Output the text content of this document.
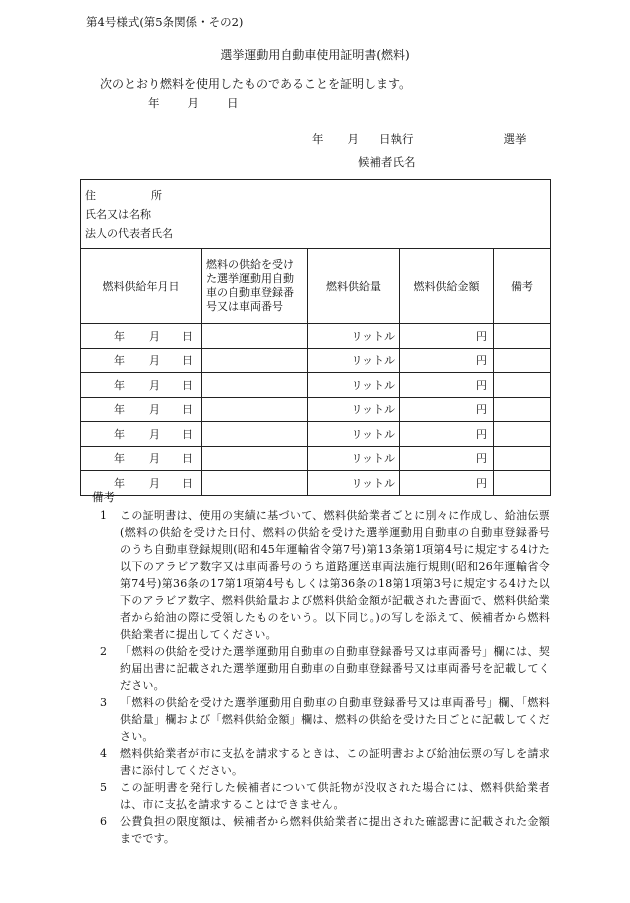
第4号様式(第5条関係・その2)
選挙運動用自動車使用証明書(燃料)
次のとおり燃料を使用したものであることを証明します。
年 月 日
年 月 日執行	選挙
候補者氏名
住　　　　　所
氏名又は名称
法人の代表者氏名				

燃料供給年月日	燃料の供給を受けた選挙運動用自動車の自動車登録番号又は車両番号	燃料供給量	燃料供給金額	備考
年 月 日		リットル	円	
年 月 日		リットル	円	
年 月 日		リットル	円	
年 月 日		リットル	円	
年 月 日		リットル	円	
年 月 日		リットル	円	
年 月 日		リットル	円	
備考
1	この証明書は、使用の実績に基づいて、燃料供給業者ごとに別々に作成し、給油伝票(燃料の供給を受けた日付、燃料の供給を受けた選挙運動用自動車の自動車登録番号のうち自動車登録規則(昭和45年運輸省令第7号)第13条第1項第4号に規定する4けた以下のアラビア数字又は車両番号のうち道路運送車両法施行規則(昭和26年運輸省令第74号)第36条の17第1項第4号もしくは第36条の18第1項第3号に規定する4けた以下のアラビア数字、燃料供給量および燃料供給金額が記載された書面で、燃料供給業者から給油の際に受領したものをいう。以下同じ。)の写しを添えて、候補者から燃料供給業者に提出してください。
2	「燃料の供給を受けた選挙運動用自動車の自動車登録番号又は車両番号」欄には、契約届出書に記載された選挙運動用自動車の自動車登録番号又は車両番号を記載してください。
3	「燃料の供給を受けた選挙運動用自動車の自動車登録番号又は車両番号」欄、「燃料供給量」欄および「燃料供給金額」欄は、燃料の供給を受けた日ごとに記載してください。
4	燃料供給業者が市に支払を請求するときは、この証明書および給油伝票の写しを請求書に添付してください。
5	この証明書を発行した候補者について供託物が没収された場合には、燃料供給業者は、市に支払を請求することはできません。
6	公費負担の限度額は、候補者から燃料供給業者に提出された確認書に記載された金額までです。
